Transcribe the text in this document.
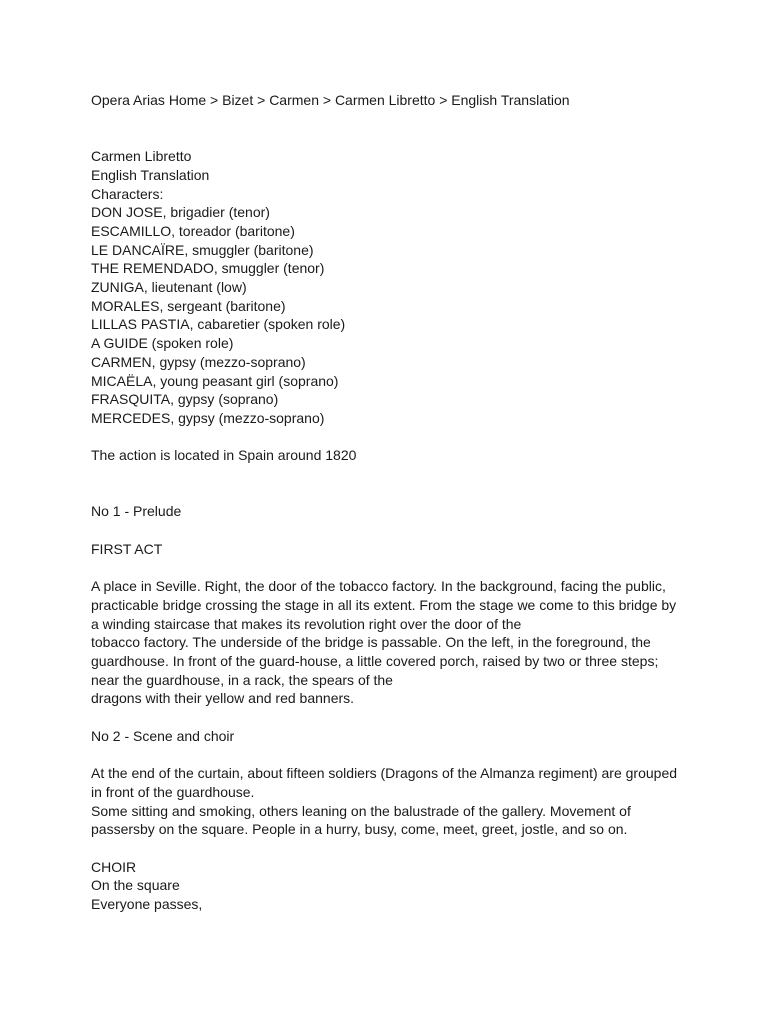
Opera Arias Home > Bizet > Carmen > Carmen Libretto > English Translation
Carmen Libretto
English Translation
Characters:
DON JOSE, brigadier (tenor)
ESCAMILLO, toreador (baritone)
LE DANCAÏRE, smuggler (baritone)
THE REMENDADO, smuggler (tenor)
ZUNIGA, lieutenant (low)
MORALES, sergeant (baritone)
LILLAS PASTIA, cabaretier (spoken role)
A GUIDE (spoken role)
CARMEN, gypsy (mezzo-soprano)
MICAËLA, young peasant girl (soprano)
FRASQUITA, gypsy (soprano)
MERCEDES, gypsy (mezzo-soprano)
The action is located in Spain around 1820
No 1 - Prelude
FIRST ACT
A place in Seville. Right, the door of the tobacco factory. In the background, facing the public,
practicable bridge crossing the stage in all its extent. From the stage we come to this bridge by
a winding staircase that makes its revolution right over the door of the
tobacco factory. The underside of the bridge is passable. On the left, in the foreground, the
guardhouse. In front of the guard-house, a little covered porch, raised by two or three steps;
near the guardhouse, in a rack, the spears of the
dragons with their yellow and red banners.
No 2 - Scene and choir
At the end of the curtain, about fifteen soldiers (Dragons of the Almanza regiment) are grouped
in front of the guardhouse.
Some sitting and smoking, others leaning on the balustrade of the gallery. Movement of
passersby on the square. People in a hurry, busy, come, meet, greet, jostle, and so on.
CHOIR
On the square
Everyone passes,
